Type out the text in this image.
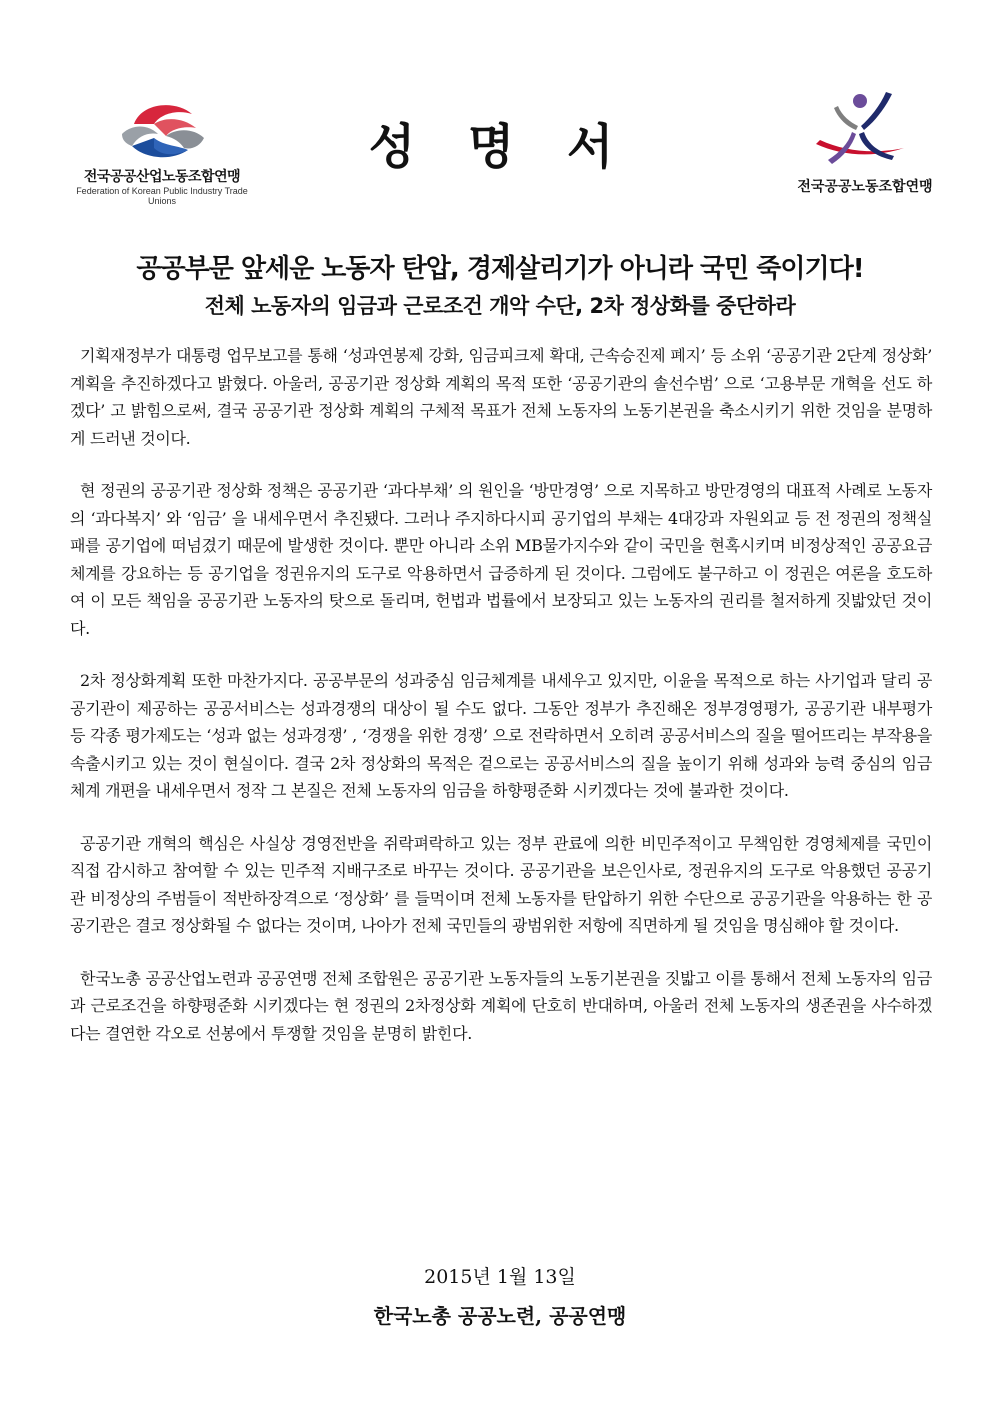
전국공공산업노동조합연맹
Federation of Korean Public Industry Trade Unions
성 명 서
전국공공노동조합연맹
공공부문 앞세운 노동자 탄압, 경제살리기가 아니라 국민 죽이기다!
전체 노동자의 임금과 근로조건 개악 수단, 2차 정상화를 중단하라

기획재정부가 대통령 업무보고를 통해 ‘성과연봉제 강화, 임금피크제 확대, 근속승진제 폐지’ 등 소위 ‘공공기관 2단계 정상화’ 계획을 추진하겠다고 밝혔다. 아울러, 공공기관 정상화 계획의 목적 또한 ‘공공기관의 솔선수범’ 으로 ‘고용부문 개혁을 선도 하겠다’ 고 밝힘으로써, 결국 공공기관 정상화 계획의 구체적 목표가 전체 노동자의 노동기본권을 축소시키기 위한 것임을 분명하게 드러낸 것이다.

현 정권의 공공기관 정상화 정책은 공공기관 ‘과다부채’ 의 원인을 ‘방만경영’ 으로 지목하고 방만경영의 대표적 사례로 노동자의 ‘과다복지’ 와 ‘임금’ 을 내세우면서 추진됐다. 그러나 주지하다시피 공기업의 부채는 4대강과 자원외교 등 전 정권의 정책실패를 공기업에 떠넘겼기 때문에 발생한 것이다. 뿐만 아니라 소위 MB물가지수와 같이 국민을 현혹시키며 비정상적인 공공요금 체계를 강요하는 등 공기업을 정권유지의 도구로 악용하면서 급증하게 된 것이다. 그럼에도 불구하고 이 정권은 여론을 호도하여 이 모든 책임을 공공기관 노동자의 탓으로 돌리며, 헌법과 법률에서 보장되고 있는 노동자의 권리를 철저하게 짓밟았던 것이다.

2차 정상화계획 또한 마찬가지다. 공공부문의 성과중심 임금체계를 내세우고 있지만, 이윤을 목적으로 하는 사기업과 달리 공공기관이 제공하는 공공서비스는 성과경쟁의 대상이 될 수도 없다. 그동안 정부가 추진해온 정부경영평가, 공공기관 내부평가 등 각종 평가제도는 ‘성과 없는 성과경쟁’ , ‘경쟁을 위한 경쟁’ 으로 전락하면서 오히려 공공서비스의 질을 떨어뜨리는 부작용을 속출시키고 있는 것이 현실이다. 결국 2차 정상화의 목적은 겉으로는 공공서비스의 질을 높이기 위해 성과와 능력 중심의 임금체계 개편을 내세우면서 정작 그 본질은 전체 노동자의 임금을 하향평준화 시키겠다는 것에 불과한 것이다.

공공기관 개혁의 핵심은 사실상 경영전반을 쥐락펴락하고 있는 정부 관료에 의한 비민주적이고 무책임한 경영체제를 국민이 직접 감시하고 참여할 수 있는 민주적 지배구조로 바꾸는 것이다. 공공기관을 보은인사로, 정권유지의 도구로 악용했던 공공기관 비정상의 주범들이 적반하장격으로 ‘정상화’ 를 들먹이며 전체 노동자를 탄압하기 위한 수단으로 공공기관을 악용하는 한 공공기관은 결코 정상화될 수 없다는 것이며, 나아가 전체 국민들의 광범위한 저항에 직면하게 될 것임을 명심해야 할 것이다.

한국노총 공공산업노련과 공공연맹 전체 조합원은 공공기관 노동자들의 노동기본권을 짓밟고 이를 통해서 전체 노동자의 임금과 근로조건을 하향평준화 시키겠다는 현 정권의 2차정상화 계획에 단호히 반대하며, 아울러 전체 노동자의 생존권을 사수하겠다는 결연한 각오로 선봉에서 투쟁할 것임을 분명히 밝힌다.

2015년 1월 13일
한국노총 공공노련, 공공연맹
